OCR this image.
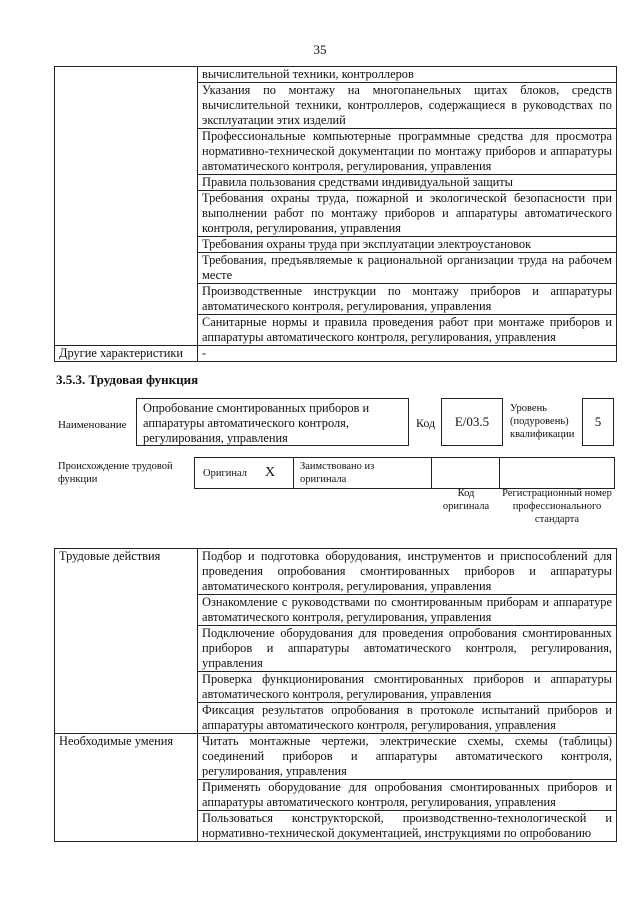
35
	вычислительной техники, контроллеров
	Указания по монтажу на многопанельных щитах блоков, средств вычислительной техники, контроллеров, содержащиеся в руководствах по эксплуатации этих изделий
	Профессиональные компьютерные программные средства для просмотра нормативно-технической документации по монтажу приборов и аппаратуры автоматического контроля, регулирования, управления
	Правила пользования средствами индивидуальной защиты
	Требования охраны труда, пожарной и экологической безопасности при выполнении работ по монтажу приборов и аппаратуры автоматического контроля, регулирования, управления
	Требования охраны труда при эксплуатации электроустановок
	Требования, предъявляемые к рациональной организации труда на рабочем месте
	Производственные инструкции по монтажу приборов и аппаратуры автоматического контроля, регулирования, управления
	Санитарные нормы и правила проведения работ при монтаже приборов и аппаратуры автоматического контроля, регулирования, управления
Другие характеристики	-
3.5.3. Трудовая функция
Наименование
Опробование смонтированных приборов и аппаратуры автоматического контроля, регулирования, управления
Код	E/03.5
Уровень (подуровень) квалификации
5
Происхождение трудовой функции
Оригинал X Заимствовано из оригинала
Код оригинала
Регистрационный номер профессионального стандарта
Трудовые действия	Подбор и подготовка оборудования, инструментов и приспособлений для проведения опробования смонтированных приборов и аппаратуры автоматического контроля, регулирования, управления
	Ознакомление с руководствами по смонтированным приборам и аппаратуре автоматического контроля, регулирования, управления
	Подключение оборудования для проведения опробования смонтированных приборов и аппаратуры автоматического контроля, регулирования, управления
	Проверка функционирования смонтированных приборов и аппаратуры автоматического контроля, регулирования, управления
	Фиксация результатов опробования в протоколе испытаний приборов и аппаратуры автоматического контроля, регулирования, управления
Необходимые умения	Читать монтажные чертежи, электрические схемы, схемы (таблицы) соединений приборов и аппаратуры автоматического контроля, регулирования, управления
	Применять оборудование для опробования смонтированных приборов и аппаратуры автоматического контроля, регулирования, управления
	Пользоваться конструкторской, производственно-технологической и нормативно-технической документацией, инструкциями по опробованию
